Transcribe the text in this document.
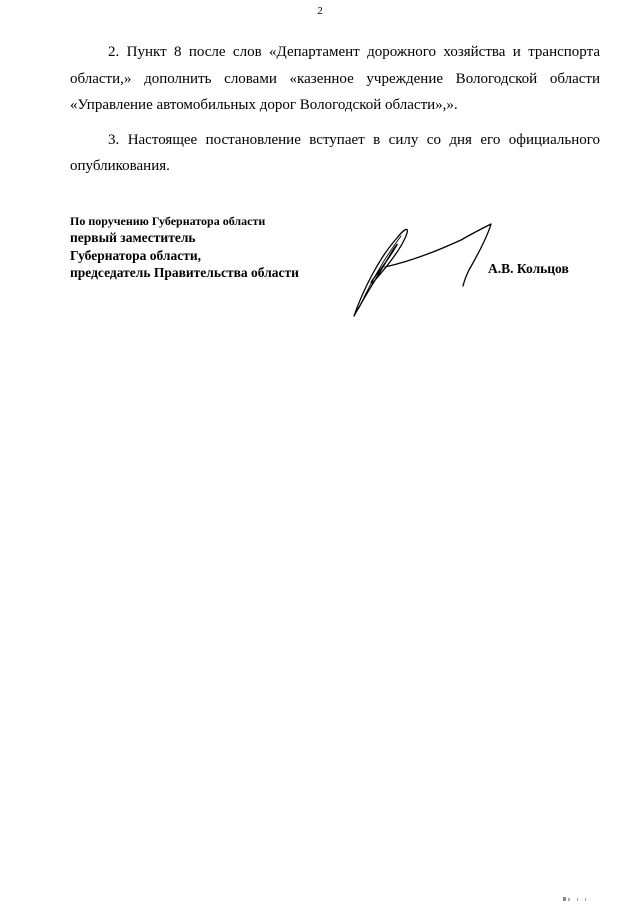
2

2. Пункт 8 после слов «Департамент дорожного хозяйства и транспорта области,» дополнить словами «казенное учреждение Вологодской области «Управление автомобильных дорог Вологодской области»,».

3. Настоящее постановление вступает в силу со дня его официального опубликования.

По поручению Губернатора области
первый заместитель
Губернатора области,
председатель Правительства области	А.В. Кольцов
